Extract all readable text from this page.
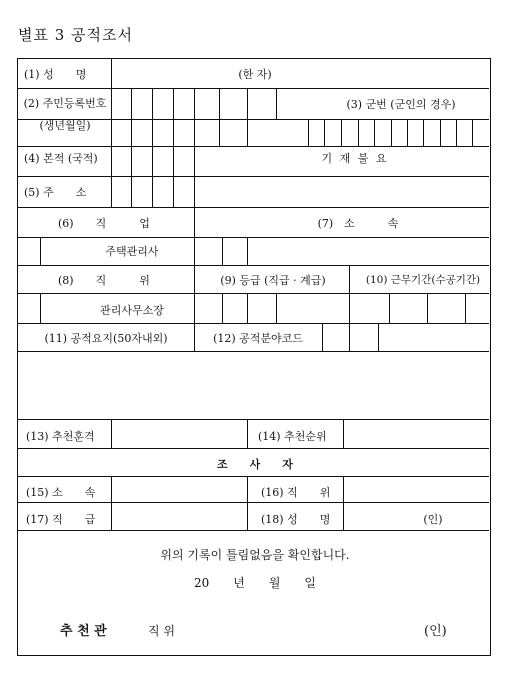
별표 3 공적조서
(1) 성　　명	(한 자)
(2) 주민등록번호
(생년월일)
(3) 군번 (군인의 경우)
(4) 본적 (국적)	기 재 불 요
(5) 주　　소
(6)　　직　　　업	(7)　소　　　속
주택관리사
(8)　　직　　　위	(9) 등급 (직급 · 계급)	(10) 근무기간(수공기간)
관리사무소장
(11) 공적요지(50자내외)	(12) 공적분야코드
(13) 추천훈격	(14) 추천순위
조　　사　　자
(15) 소　　속	(16) 직　　위
(17) 직　　급	(18) 성　　명	(인)
위의 기록이 틀림없음을 확인합니다.
20　　년　　월　　일
추 천 관	직 위	(인)
